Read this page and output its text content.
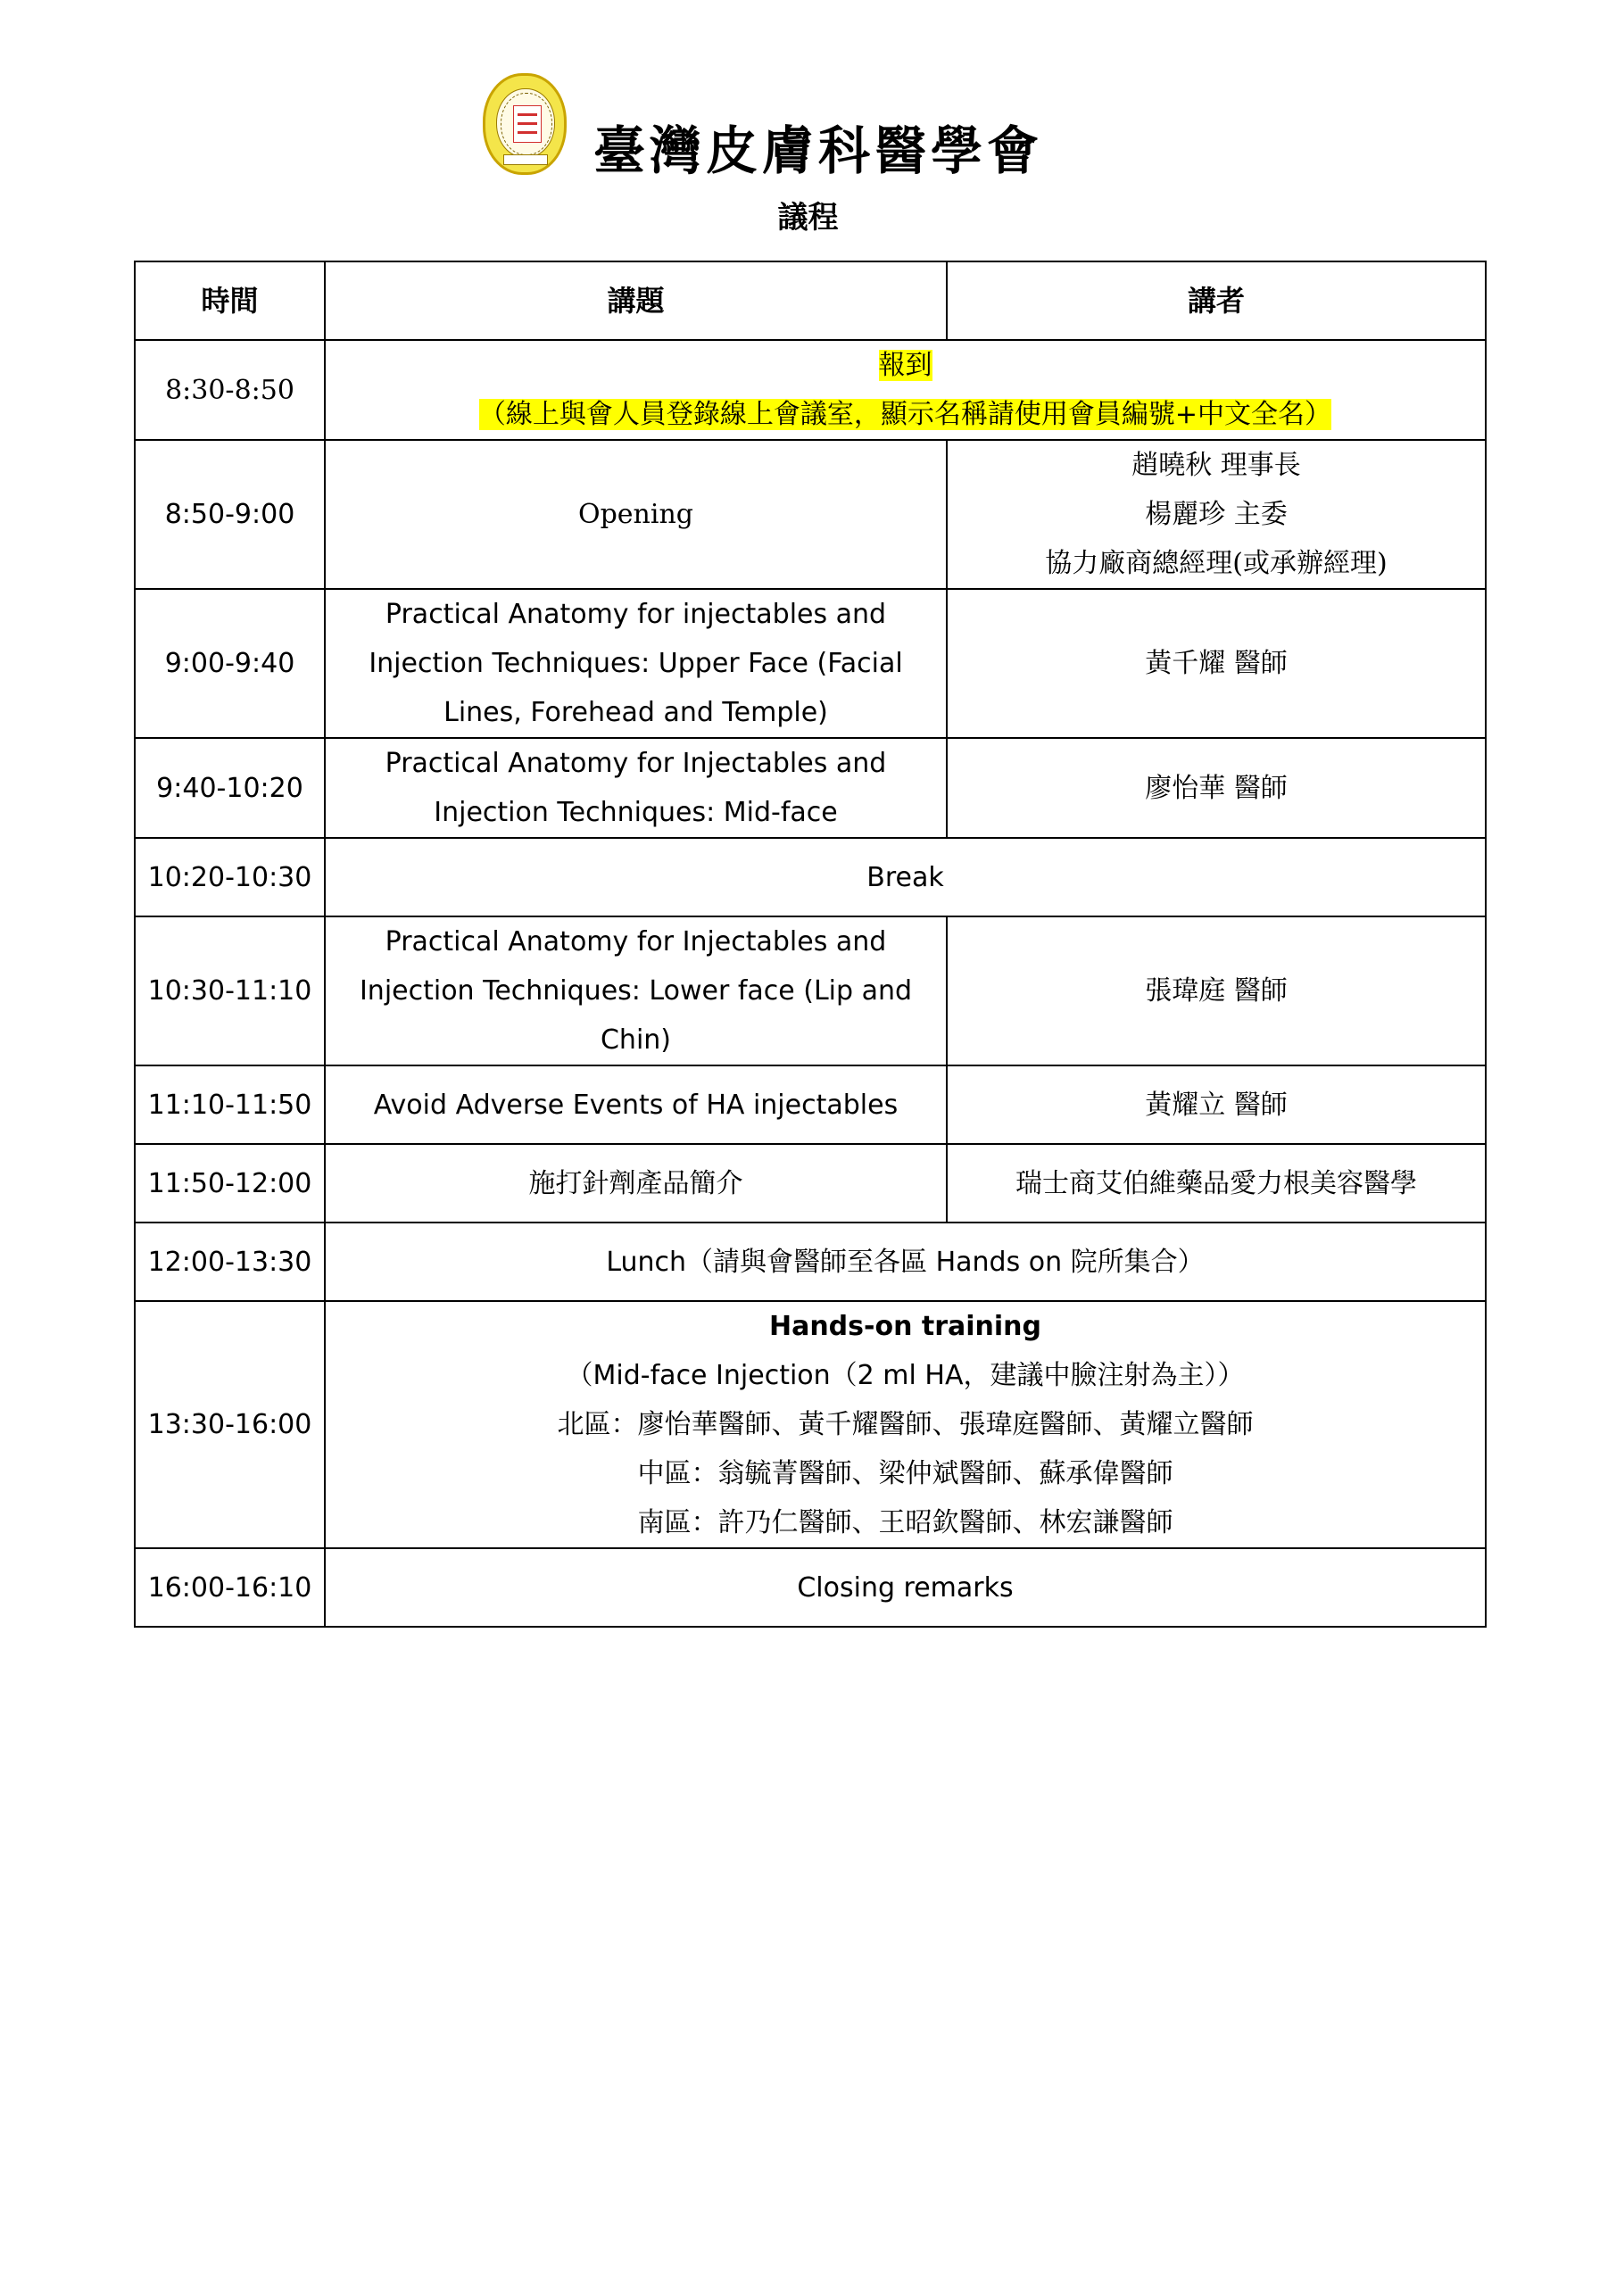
臺灣皮膚科醫學會
議程
時間	講題	講者
8:30-8:50	報到
（線上與會人員登錄線上會議室，顯示名稱請使用會員編號+中文全名）	
8:50-9:00	Opening	趙曉秋 理事長
楊麗珍 主委
協力廠商總經理(或承辦經理)

9:00-9:40	Practical Anatomy for injectables and
Injection Techniques: Upper Face (Facial
Lines, Forehead and Temple)	黃千耀 醫師
9:40-10:20	Practical Anatomy for Injectables and
Injection Techniques: Mid-face	廖怡華 醫師
10:20-10:30	Break	
10:30-11:10	Practical Anatomy for Injectables and
Injection Techniques: Lower face (Lip and
Chin)	張瑋庭 醫師
11:10-11:50	Avoid Adverse Events of HA injectables	黃耀立 醫師
11:50-12:00	施打針劑產品簡介	瑞士商艾伯維藥品愛力根美容醫學
12:00-13:30	Lunch（請與會醫師至各區 Hands on 院所集合）	
13:30-16:00	Hands-on training
（Mid-face Injection（2 ml HA，建議中臉注射為主））
北區：廖怡華醫師、黃千耀醫師、張瑋庭醫師、黃耀立醫師
中區：翁毓菁醫師、梁仲斌醫師、蘇承偉醫師
南區：許乃仁醫師、王昭欽醫師、林宏謙醫師	

16:00-16:10	Closing remarks	
